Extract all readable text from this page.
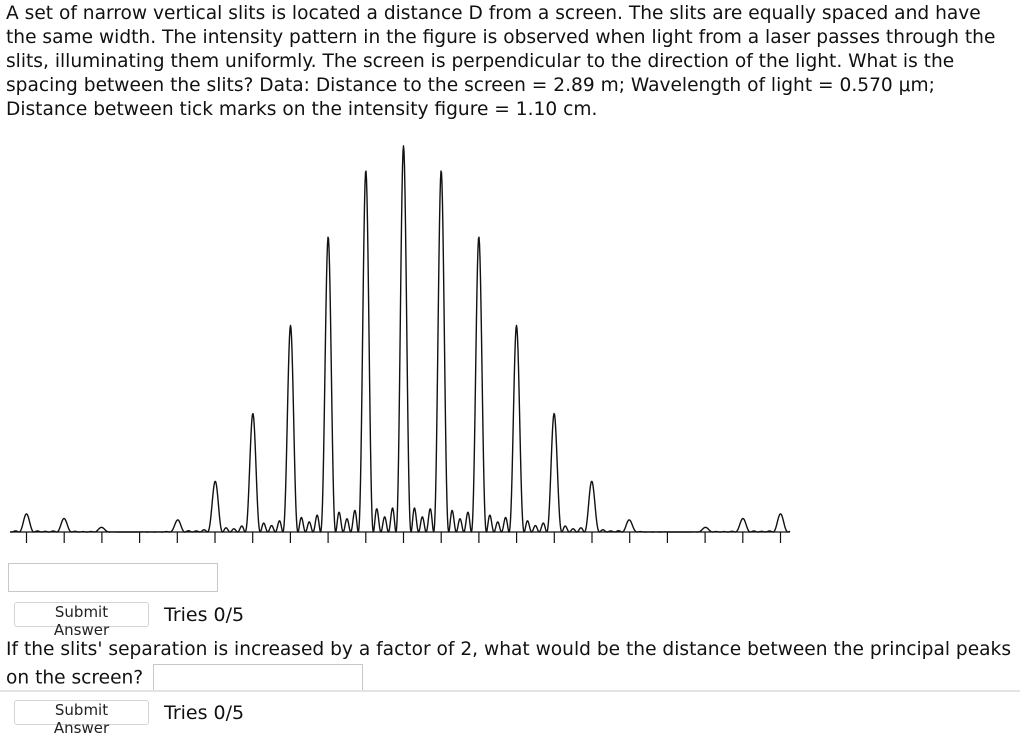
A set of narrow vertical slits is located a distance D from a screen. The slits are equally spaced and have the same width. The intensity pattern in the figure is observed when light from a laser passes through the slits, illuminating them uniformly. The screen is perpendicular to the direction of the light. What is the spacing between the slits? Data: Distance to the screen = 2.89 m; Wavelength of light = 0.570 μm; Distance between tick marks on the intensity figure = 1.10 cm.
Submit Answer
Tries 0/5
If the slits' separation is increased by a factor of 2, what would be the distance between the principal peaks on the screen?
Submit Answer
Tries 0/5
